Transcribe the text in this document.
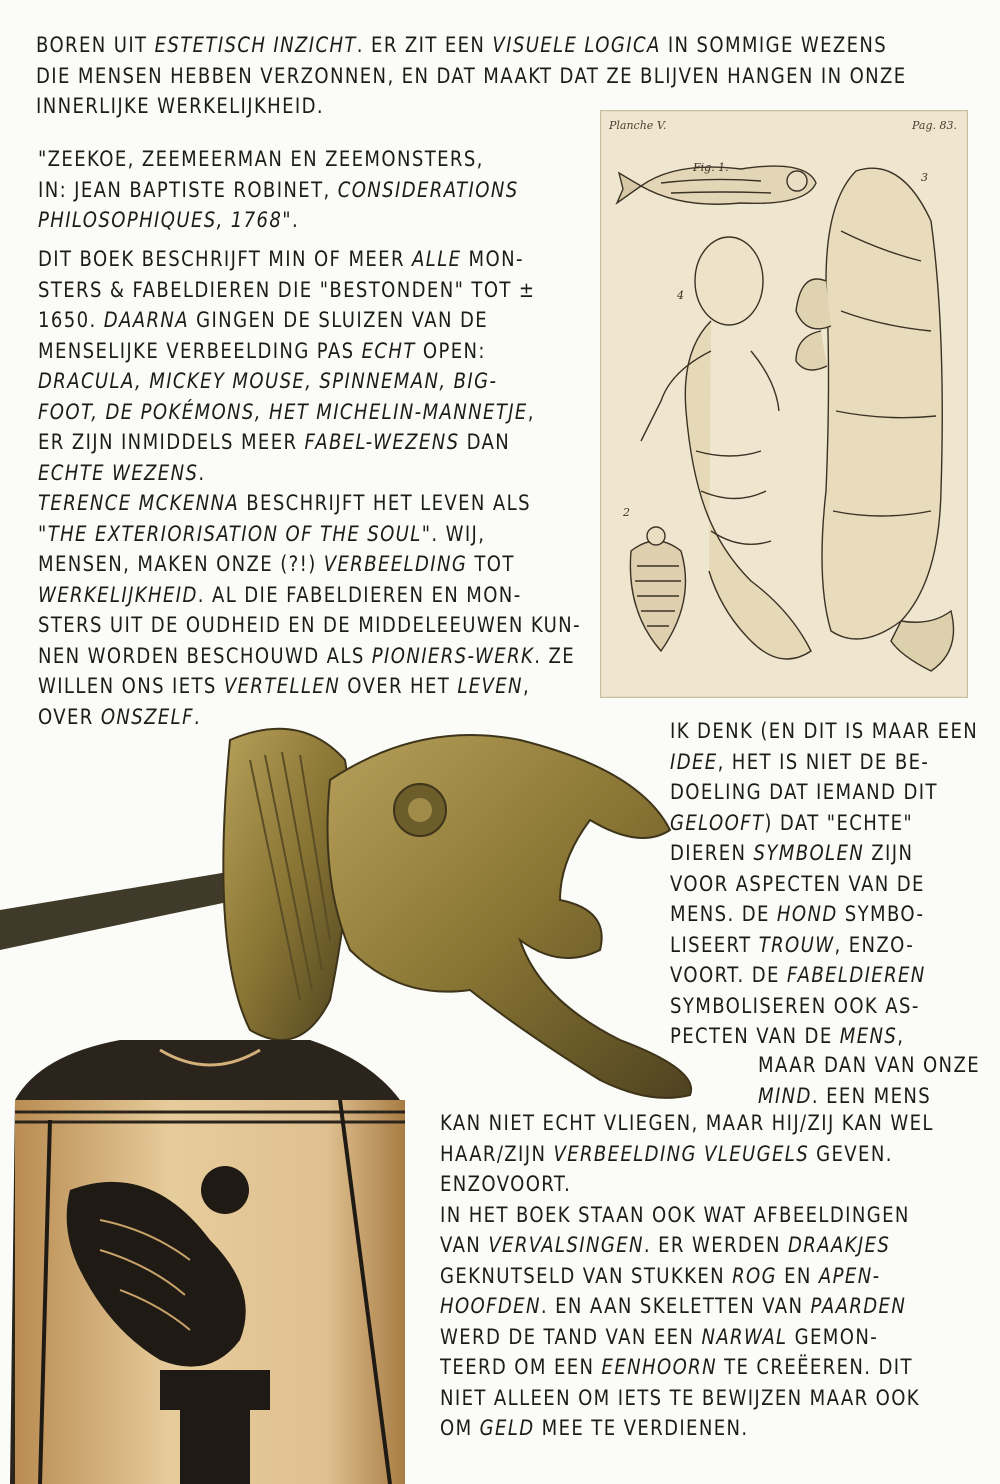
BOREN UIT ESTETISCH INZICHT. ER ZIT EEN VISUELE LOGICA IN SOMMIGE WEZENS
DIE MENSEN HEBBEN VERZONNEN, EN DAT MAAKT DAT ZE BLIJVEN HANGEN IN ONZE
INNERLIJKE WERKELIJKHEID.
"ZEEKOE, ZEEMEERMAN EN ZEEMONSTERS,
IN: JEAN BAPTISTE ROBINET, CONSIDERATIONS
PHILOSOPHIQUES, 1768".
DIT BOEK BESCHRIJFT MIN OF MEER ALLE MON-
STERS & FABELDIEREN DIE "BESTONDEN" TOT ±
1650. DAARNA GINGEN DE SLUIZEN VAN DE
MENSELIJKE VERBEELDING PAS ECHT OPEN:
DRACULA, MICKEY MOUSE, SPINNEMAN, BIG-
FOOT, DE POKÉMONS, HET MICHELIN-MANNETJE,
ER ZIJN INMIDDELS MEER FABEL-WEZENS DAN
ECHTE WEZENS.
TERENCE MCKENNA BESCHRIJFT HET LEVEN ALS
"THE EXTERIORISATION OF THE SOUL". WIJ,
MENSEN, MAKEN ONZE (?!) VERBEELDING TOT
WERKELIJKHEID. AL DIE FABELDIEREN EN MON-
STERS UIT DE OUDHEID EN DE MIDDELEEUWEN KUN-
NEN WORDEN BESCHOUWD ALS PIONIERS-WERK. ZE
WILLEN ONS IETS VERTELLEN OVER HET LEVEN,
OVER ONSZELF.
IK DENK (EN DIT IS MAAR EEN
IDEE, HET IS NIET DE BE-
DOELING DAT IEMAND DIT
GELOOFT) DAT "ECHTE"
DIEREN SYMBOLEN ZIJN
VOOR ASPECTEN VAN DE
MENS. DE HOND SYMBO-
LISEERT TROUW, ENZO-
VOORT. DE FABELDIEREN
SYMBOLISEREN OOK AS-
PECTEN VAN DE MENS,
MAAR DAN VAN ONZE
MIND. EEN MENS
KAN NIET ECHT VLIEGEN, MAAR HIJ/ZIJ KAN WEL
HAAR/ZIJN VERBEELDING VLEUGELS GEVEN.
ENZOVOORT.
IN HET BOEK STAAN OOK WAT AFBEELDINGEN
VAN VERVALSINGEN. ER WERDEN DRAAKJES
GEKNUTSELD VAN STUKKEN ROG EN APEN-
HOOFDEN. EN AAN SKELETTEN VAN PAARDEN
WERD DE TAND VAN EEN NARWAL GEMON-
TEERD OM EEN EENHOORN TE CREËEREN. DIT
NIET ALLEEN OM IETS TE BEWIJZEN MAAR OOK
OM GELD MEE TE VERDIENEN.
Planche V.	Pag. 83.
Fig. 1.
2
3
4
